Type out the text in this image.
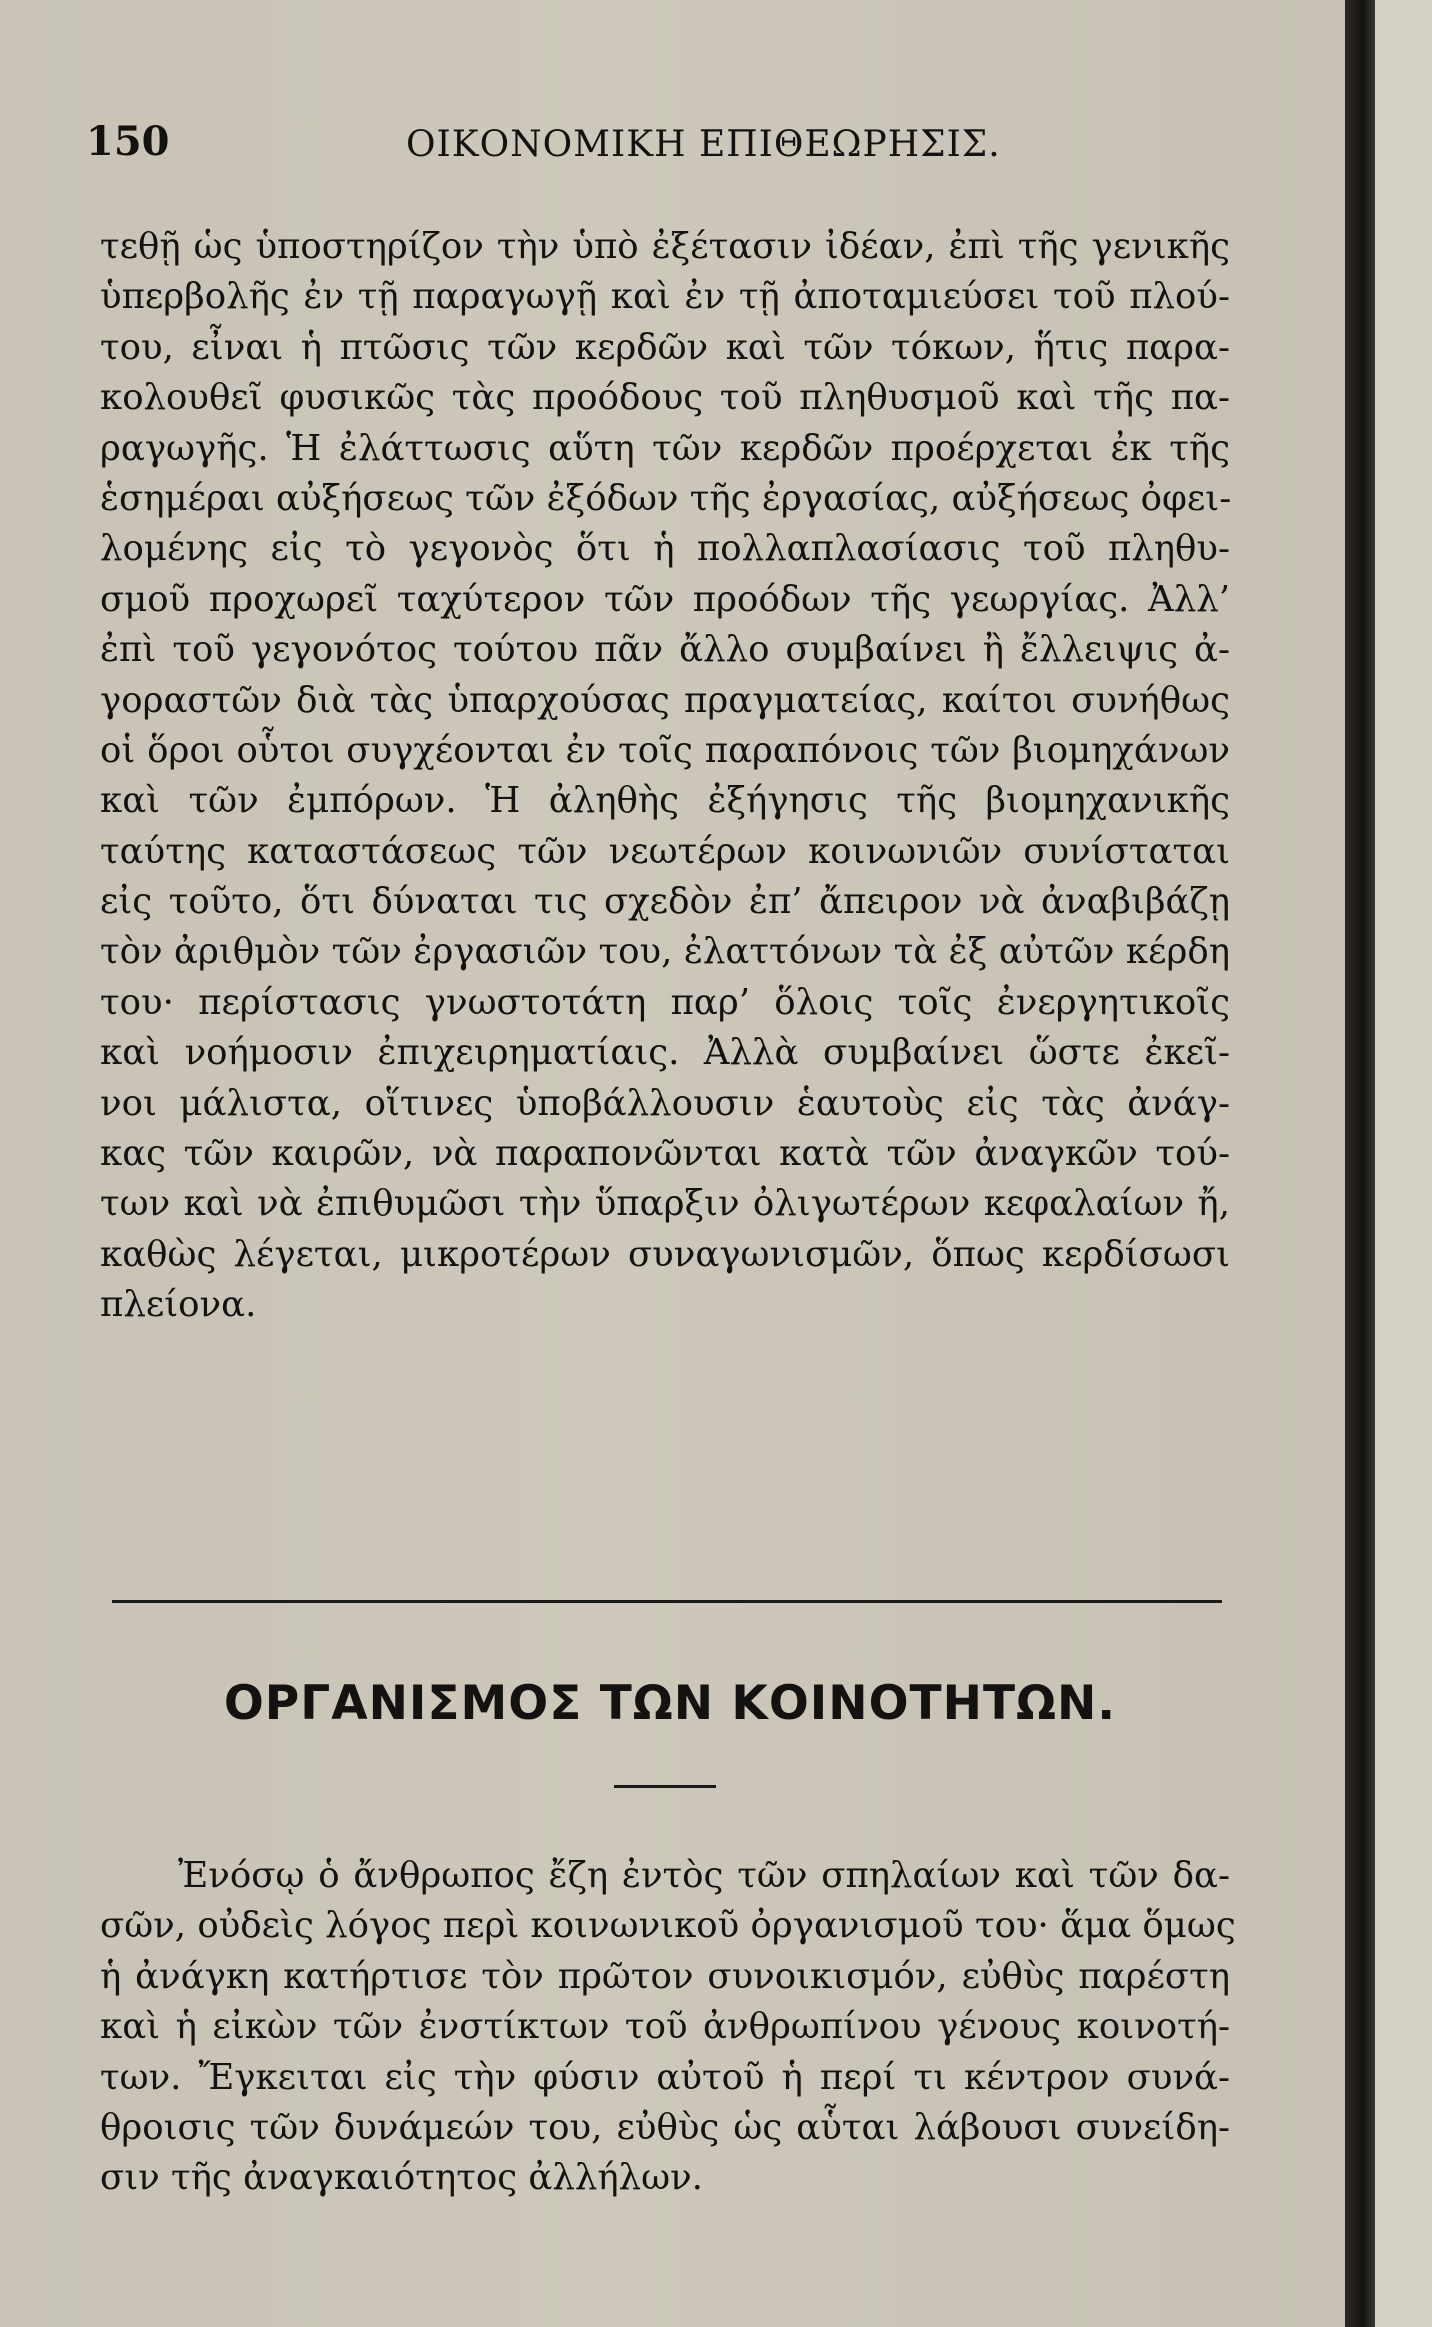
150	ΟΙΚΟΝΟΜΙΚΗ ΕΠΙΘΕΩΡΗΣΙΣ.
τεθῇ ὡς ὑποστηρίζον τὴν ὑπὸ ἐξέτασιν ἰδέαν, ἐπὶ τῆς γενικῆς
ὑπερβολῆς ἐν τῇ παραγωγῇ καὶ ἐν τῇ ἀποταμιεύσει τοῦ πλού-
του, εἶναι ἡ πτῶσις τῶν κερδῶν καὶ τῶν τόκων, ἥτις παρα-
κολουθεῖ φυσικῶς τὰς προόδους τοῦ πληθυσμοῦ καὶ τῆς πα-
ραγωγῆς. Ἡ ἐλάττωσις αὕτη τῶν κερδῶν προέρχεται ἐκ τῆς
ἑσημέραι αὐξήσεως τῶν ἐξόδων τῆς ἐργασίας, αὐξήσεως ὀφει-
λομένης εἰς τὸ γεγονὸς ὅτι ἡ πολλαπλασίασις τοῦ πληθυ-
σμοῦ προχωρεῖ ταχύτερον τῶν προόδων τῆς γεωργίας. Ἀλλ’
ἐπὶ τοῦ γεγονότος τούτου πᾶν ἄλλο συμβαίνει ἢ ἔλλειψις ἀ-
γοραστῶν διὰ τὰς ὑπαρχούσας πραγματείας, καίτοι συνήθως
οἱ ὅροι οὗτοι συγχέονται ἐν τοῖς παραπόνοις τῶν βιομηχάνων
καὶ τῶν ἐμπόρων. Ἡ ἀληθὴς ἐξήγησις τῆς βιομηχανικῆς
ταύτης καταστάσεως τῶν νεωτέρων κοινωνιῶν συνίσταται
εἰς τοῦτο, ὅτι δύναται τις σχεδὸν ἐπ’ ἄπειρον νὰ ἀναβιβάζῃ
τὸν ἀριθμὸν τῶν ἐργασιῶν του, ἐλαττόνων τὰ ἐξ αὐτῶν κέρδη
του· περίστασις γνωστοτάτη παρ’ ὅλοις τοῖς ἐνεργητικοῖς
καὶ νοήμοσιν ἐπιχειρηματίαις. Ἀλλὰ συμβαίνει ὥστε ἐκεῖ-
νοι μάλιστα, οἵτινες ὑποβάλλουσιν ἑαυτοὺς εἰς τὰς ἀνάγ-
κας τῶν καιρῶν, νὰ παραπονῶνται κατὰ τῶν ἀναγκῶν τού-
των καὶ νὰ ἐπιθυμῶσι τὴν ὕπαρξιν ὀλιγωτέρων κεφαλαίων ἤ,
καθὼς λέγεται, μικροτέρων συναγωνισμῶν, ὅπως κερδίσωσι
πλείονα.
ΟΡΓΑΝΙΣΜΟΣ ΤΩΝ ΚΟΙΝΟΤΗΤΩΝ.
Ἐνόσῳ ὁ ἄνθρωπος ἔζη ἐντὸς τῶν σπηλαίων καὶ τῶν δα-
σῶν, οὐδεὶς λόγος περὶ κοινωνικοῦ ὀργανισμοῦ του· ἅμα ὅμως
ἡ ἀνάγκη κατήρτισε τὸν πρῶτον συνοικισμόν, εὐθὺς παρέστη
καὶ ἡ εἰκὼν τῶν ἐνστίκτων τοῦ ἀνθρωπίνου γένους κοινοτή-
των. Ἔγκειται εἰς τὴν φύσιν αὐτοῦ ἡ περί τι κέντρον συνά-
θροισις τῶν δυνάμεών του, εὐθὺς ὡς αὗται λάβουσι συνείδη-
σιν τῆς ἀναγκαιότητος ἀλλήλων.
